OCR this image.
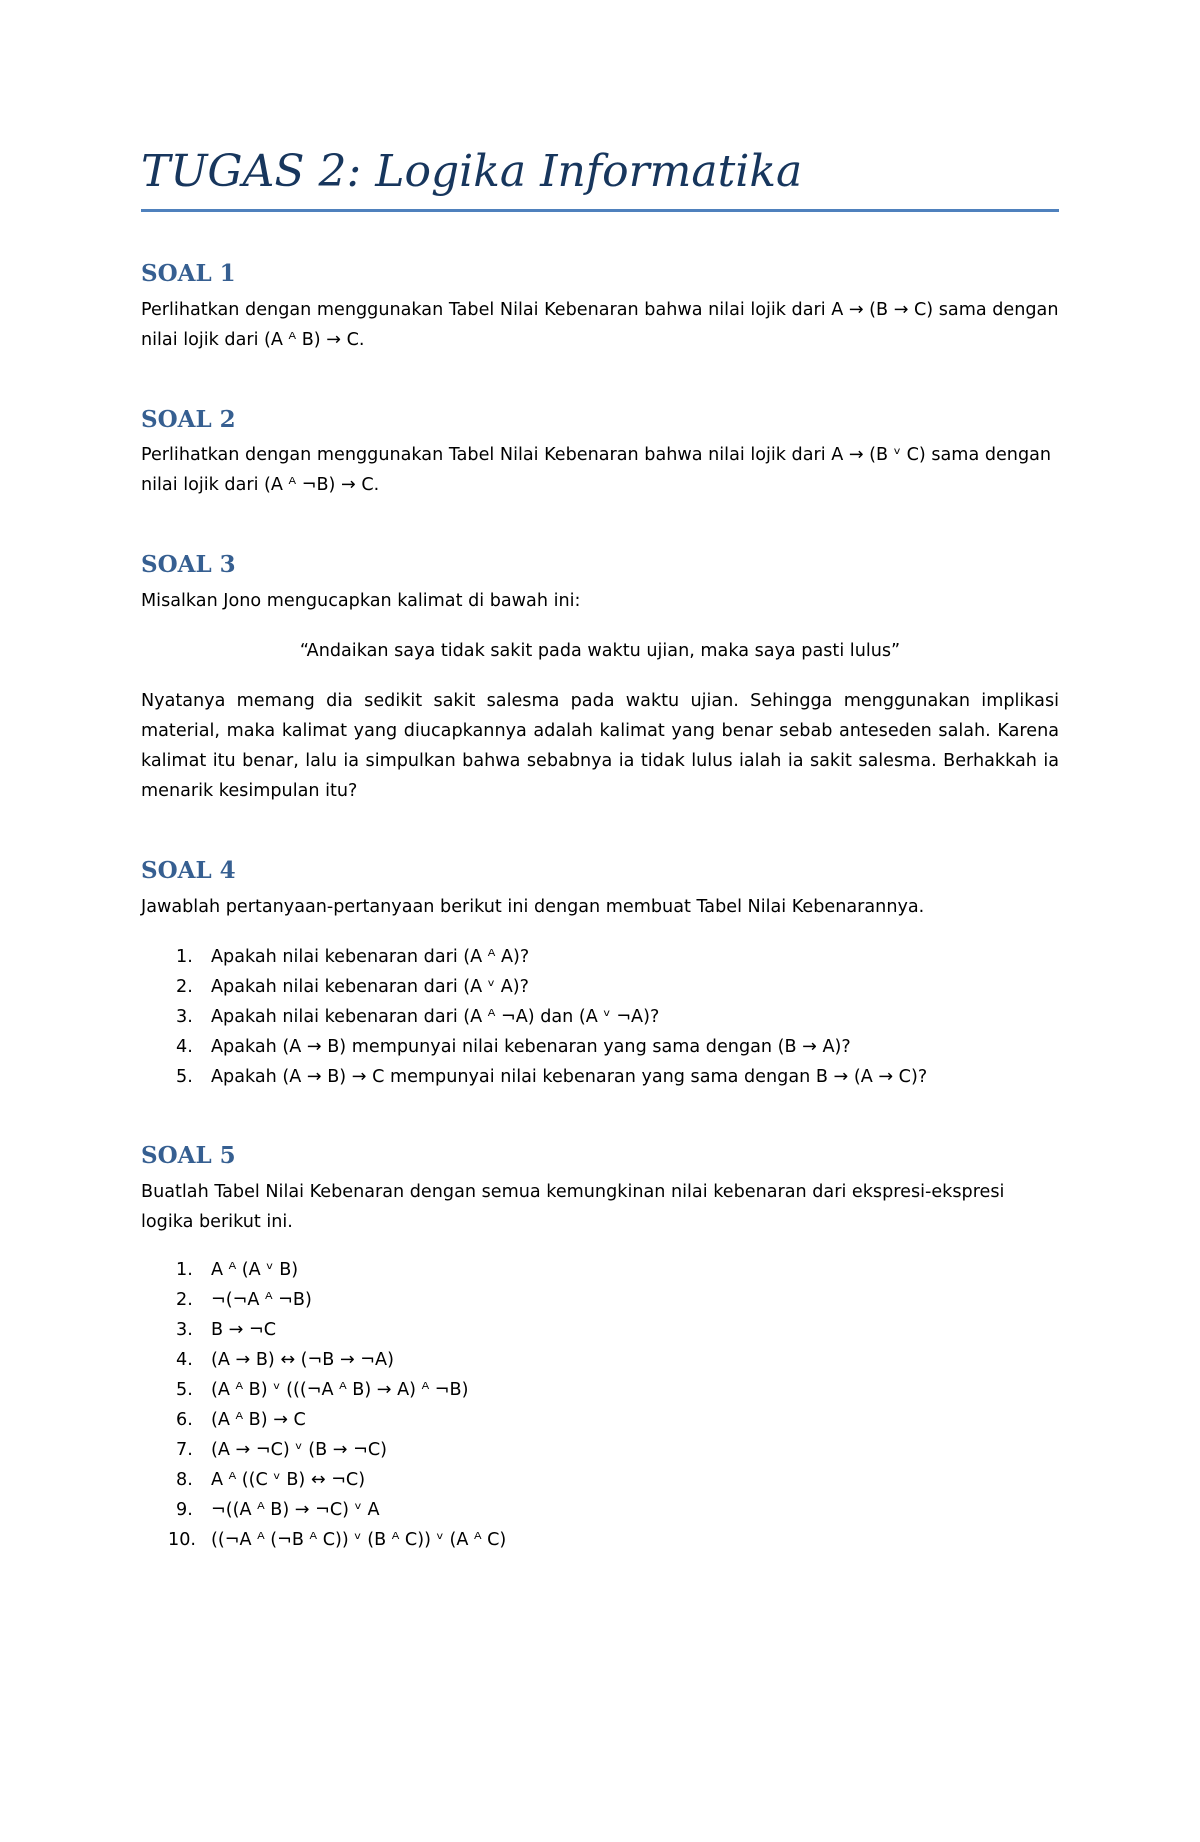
TUGAS 2: Logika Informatika
SOAL 1

Perlihatkan dengan menggunakan Tabel Nilai Kebenaran bahwa nilai lojik dari A → (B → C) sama dengan nilai lojik dari (A ᴬ B) → C.

SOAL 2

Perlihatkan dengan menggunakan Tabel Nilai Kebenaran bahwa nilai lojik dari A → (B ᵛ C) sama dengan nilai lojik dari (A ᴬ ¬B) → C.

SOAL 3

Misalkan Jono mengucapkan kalimat di bawah ini:

“Andaikan saya tidak sakit pada waktu ujian, maka saya pasti lulus”

Nyatanya memang dia sedikit sakit salesma pada waktu ujian. Sehingga menggunakan implikasi material, maka kalimat yang diucapkannya adalah kalimat yang benar sebab anteseden salah. Karena kalimat itu benar, lalu ia simpulkan bahwa sebabnya ia tidak lulus ialah ia sakit salesma. Berhakkah ia menarik kesimpulan itu?

SOAL 4

Jawablah pertanyaan-pertanyaan berikut ini dengan membuat Tabel Nilai Kebenarannya.

1. Apakah nilai kebenaran dari (A ᴬ A)?
2. Apakah nilai kebenaran dari (A ᵛ A)?
3. Apakah nilai kebenaran dari (A ᴬ ¬A) dan (A ᵛ ¬A)?
4. Apakah (A → B) mempunyai nilai kebenaran yang sama dengan (B → A)?
5. Apakah (A → B) → C mempunyai nilai kebenaran yang sama dengan B → (A → C)?
SOAL 5

Buatlah Tabel Nilai Kebenaran dengan semua kemungkinan nilai kebenaran dari ekspresi-ekspresi logika berikut ini.

1. A ᴬ (A ᵛ B)
2. ¬(¬A ᴬ ¬B)
3. B → ¬C
4. (A → B) ↔ (¬B → ¬A)
5. (A ᴬ B) ᵛ (((¬A ᴬ B) → A) ᴬ ¬B)
6. (A ᴬ B) → C
7. (A → ¬C) ᵛ (B → ¬C)
8. A ᴬ ((C ᵛ B) ↔ ¬C)
9. ¬((A ᴬ B) → ¬C) ᵛ A
10. ((¬A ᴬ (¬B ᴬ C)) ᵛ (B ᴬ C)) ᵛ (A ᴬ C)
